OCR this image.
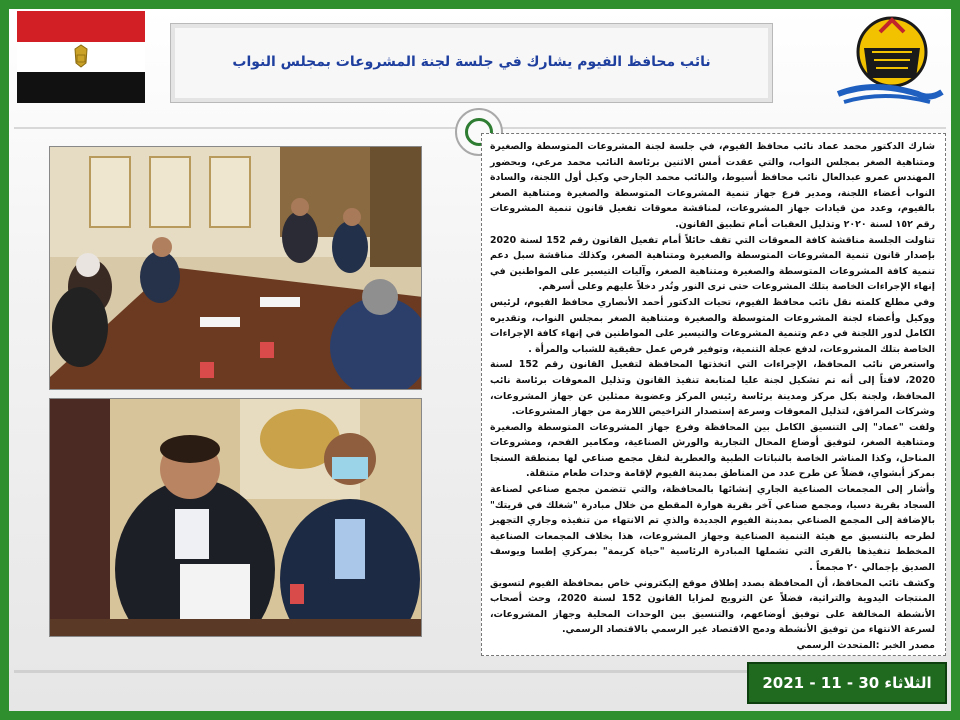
نائب محافظ الفيوم يشارك في جلسة لجنة المشروعات بمجلس النواب

شارك الدكتور محمد عماد نائب محافظ الفيوم، في جلسة لجنة المشروعات المتوسطة والصغيرة ومتناهية الصغر بمجلس النواب، والتي عقدت أمس الاثنين برئاسة النائب محمد مرعي، وبحضور المهندس عمرو عبدالعال نائب محافظ أسيوط، والنائب محمد الجارحي وكيل أول اللجنة، والسادة النواب أعضاء اللجنة، ومدير فرع جهاز تنمية المشروعات المتوسطة والصغيرة ومتناهية الصغر بالفيوم، وعدد من قيادات جهاز المشروعات، لمناقشة معوقات تفعيل قانون تنمية المشروعات رقم ١٥٢ لسنة ٢٠٢٠ وتذليل العقبات أمام تطبيق القانون.

تناولت الجلسة مناقشة كافة المعوقات التي تقف حائلاً أمام تفعيل القانون رقم 152 لسنة 2020 بإصدار قانون تنمية المشروعات المتوسطة والصغيرة ومتناهية الصغر، وكذلك مناقشة سبل دعم تنمية كافة المشروعات المتوسطة والصغيرة ومتناهية الصغر، وآليات التيسير على المواطنين في إنهاء الإجراءات الخاصة بتلك المشروعات حتى ترى النور وتُدر دخلاً عليهم وعلى أسرهم.

وفي مطلع كلمته نقل نائب محافظ الفيوم، تحيات الدكتور أحمد الأنصاري محافظ الفيوم، لرئيس ووكيل وأعضاء لجنة المشروعات المتوسطة والصغيرة ومتناهية الصغر بمجلس النواب، وتقديره الكامل لدور اللجنة في دعم وتنمية المشروعات والتيسير على المواطنين في إنهاء كافة الإجراءات الخاصة بتلك المشروعات، لدفع عجلة التنمية، وتوفير فرص عمل حقيقية للشباب والمرأة .

واستعرض نائب المحافظ، الإجراءات التي اتخذتها المحافظة لتفعيل القانون رقم 152 لسنة 2020، لافتاً إلى أنه تم تشكيل لجنة عليا لمتابعة تنفيذ القانون وتذليل المعوقات برئاسة نائب المحافظ، ولجنة بكل مركز ومدينة برئاسة رئيس المركز وعضوية ممثلين عن جهاز المشروعات، وشركات المرافق، لتذليل المعوقات وسرعة إستصدار التراخيص اللازمة من جهاز المشروعات.

ولفت "عماد" إلى التنسيق الكامل بين المحافظة وفرع جهاز المشروعات المتوسطة والصغيرة ومتناهية الصغر، لتوفيق أوضاع المحال التجارية والورش الصناعية، ومكامير الفحم، ومشروعات المناحل، وكذا المناشر الخاصة بالنباتات الطبية والعطرية لنقل مجمع صناعي لها بمنطقة السنجا بمركز أبشواي، فضلاً عن طرح عدد من المناطق بمدينة الفيوم لإقامة وحدات طعام متنقلة.

وأشار إلى المجمعات الصناعية الجاري إنشائها بالمحافظة، والتي تتضمن مجمع صناعي لصناعة السجاد بقرية دسيا، ومجمع صناعي آخر بقرية هوارة المقطع من خلال مبادرة "شغلك في قريتك" بالإضافة إلى المجمع الصناعي بمدينة الفيوم الجديدة والذي تم الانتهاء من تنفيذه وجاري التجهيز لطرحه بالتنسيق مع هيئة التنمية الصناعية وجهاز المشروعات، هذا بخلاف المجمعات الصناعية المخطط تنفيذها بالقرى التي تشملها المبادرة الرئاسية "حياة كريمة" بمركزي إطسا ويوسف الصديق بإجمالي ٢٠ مجمعاً .

وكشف نائب المحافظ، أن المحافظة بصدد إطلاق موقع إليكتروني خاص بمحافظة الفيوم لتسويق المنتجات اليدوية والتراثية، فضلاً عن الترويج لمزايا القانون 152 لسنة 2020، وحث أصحاب الأنشطة المخالفة على توفيق أوضاعهم، والتنسيق بين الوحدات المحلية وجهاز المشروعات، لسرعة الانتهاء من توفيق الأنشطة ودمج الاقتصاد غير الرسمي بالاقتصاد الرسمي.

مصدر الخبر :المتحدث الرسمي

الثلاثاء 30 - 11 - 2021
